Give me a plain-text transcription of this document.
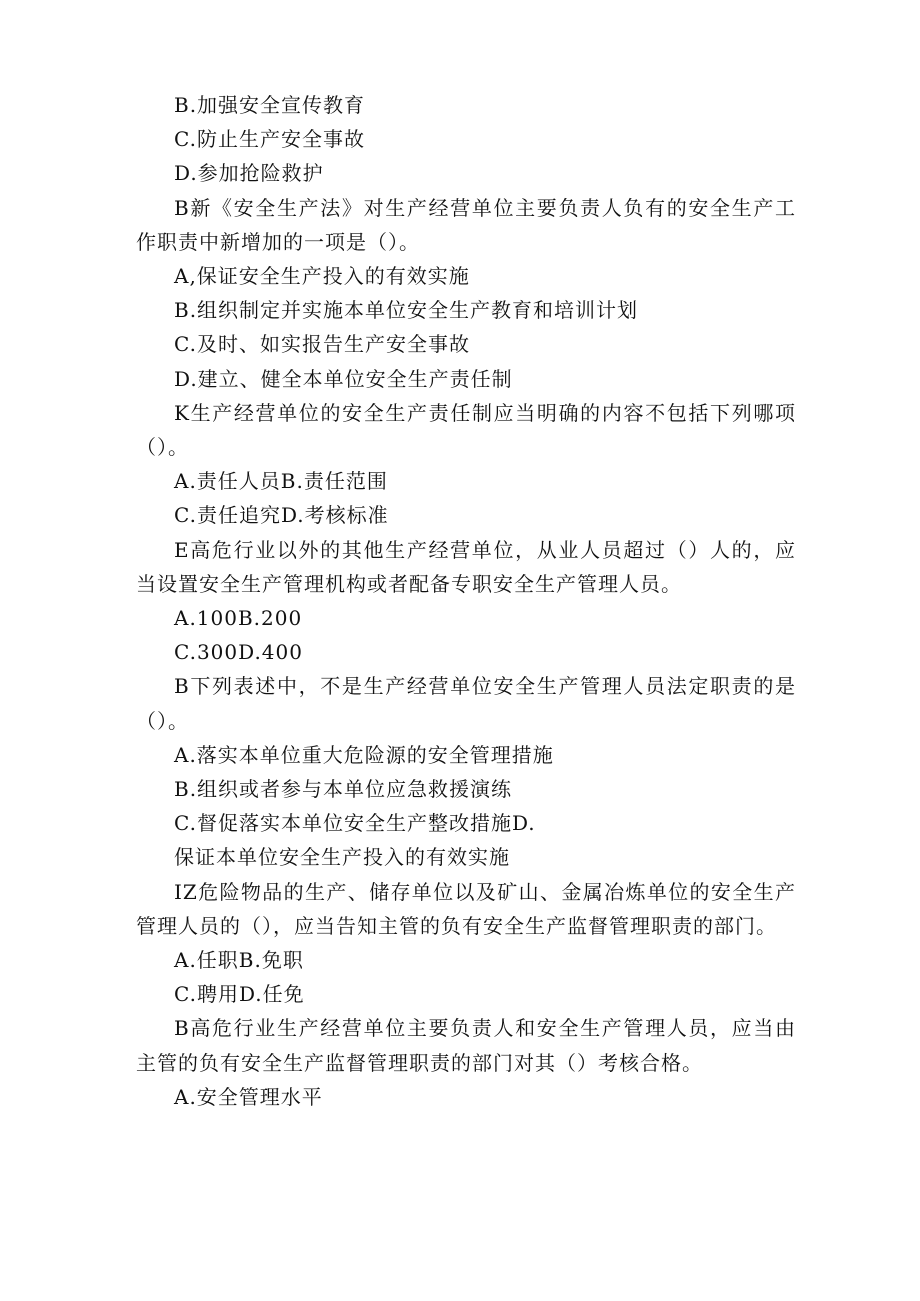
B.加强安全宣传教育

C.防止生产安全事故

D.参加抢险救护

B新《安全生产法》对生产经营单位主要负责人负有的安全生产工作职责中新增加的一项是（）。

A,保证安全生产投入的有效实施

B.组织制定并实施本单位安全生产教育和培训计划

C.及时、如实报告生产安全事故

D.建立、健全本单位安全生产责任制

K生产经营单位的安全生产责任制应当明确的内容不包括下列哪项（）。

A.责任人员B.责任范围

C.责任追究D.考核标准

E高危行业以外的其他生产经营单位，从业人员超过（）人的，应当设置安全生产管理机构或者配备专职安全生产管理人员。

A.100B.200

C.300D.400

B下列表述中，不是生产经营单位安全生产管理人员法定职责的是（）。

A.落实本单位重大危险源的安全管理措施

B.组织或者参与本单位应急救援演练

C.督促落实本单位安全生产整改措施D.

保证本单位安全生产投入的有效实施

IZ危险物品的生产、储存单位以及矿山、金属冶炼单位的安全生产管理人员的（），应当告知主管的负有安全生产监督管理职责的部门。

A.任职B.免职

C.聘用D.任免

B高危行业生产经营单位主要负责人和安全生产管理人员，应当由主管的负有安全生产监督管理职责的部门对其（）考核合格。

A.安全管理水平
